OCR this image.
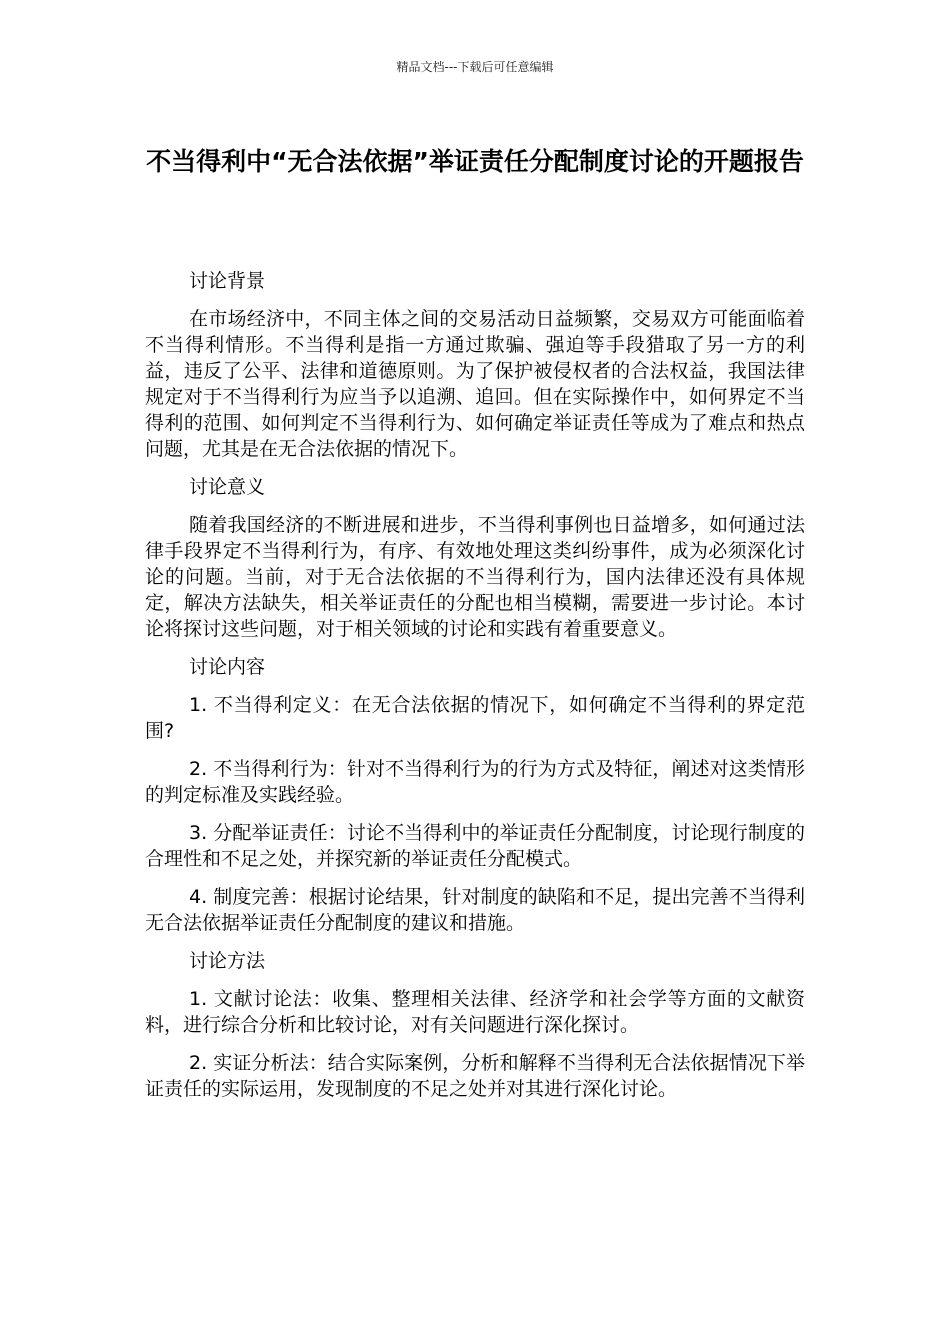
精品文档---下载后可任意编辑
不当得利中“无合法依据”举证责任分配制度讨论的开题报告

讨论背景

在市场经济中，不同主体之间的交易活动日益频繁，交易双方可能面临着不当得利情形。不当得利是指一方通过欺骗、强迫等手段猎取了另一方的利益，违反了公平、法律和道德原则。为了保护被侵权者的合法权益，我国法律规定对于不当得利行为应当予以追溯、追回。但在实际操作中，如何界定不当得利的范围、如何判定不当得利行为、如何确定举证责任等成为了难点和热点问题，尤其是在无合法依据的情况下。

讨论意义

随着我国经济的不断进展和进步，不当得利事例也日益增多，如何通过法律手段界定不当得利行为，有序、有效地处理这类纠纷事件，成为必须深化讨论的问题。当前，对于无合法依据的不当得利行为，国内法律还没有具体规定，解决方法缺失，相关举证责任的分配也相当模糊，需要进一步讨论。本讨论将探讨这些问题，对于相关领域的讨论和实践有着重要意义。

讨论内容

1. 不当得利定义：在无合法依据的情况下，如何确定不当得利的界定范围?

2. 不当得利行为：针对不当得利行为的行为方式及特征，阐述对这类情形的判定标准及实践经验。

3. 分配举证责任：讨论不当得利中的举证责任分配制度，讨论现行制度的合理性和不足之处，并探究新的举证责任分配模式。

4. 制度完善：根据讨论结果，针对制度的缺陷和不足，提出完善不当得利无合法依据举证责任分配制度的建议和措施。

讨论方法

1. 文献讨论法：收集、整理相关法律、经济学和社会学等方面的文献资料，进行综合分析和比较讨论，对有关问题进行深化探讨。

2. 实证分析法：结合实际案例，分析和解释不当得利无合法依据情况下举证责任的实际运用，发现制度的不足之处并对其进行深化讨论。
